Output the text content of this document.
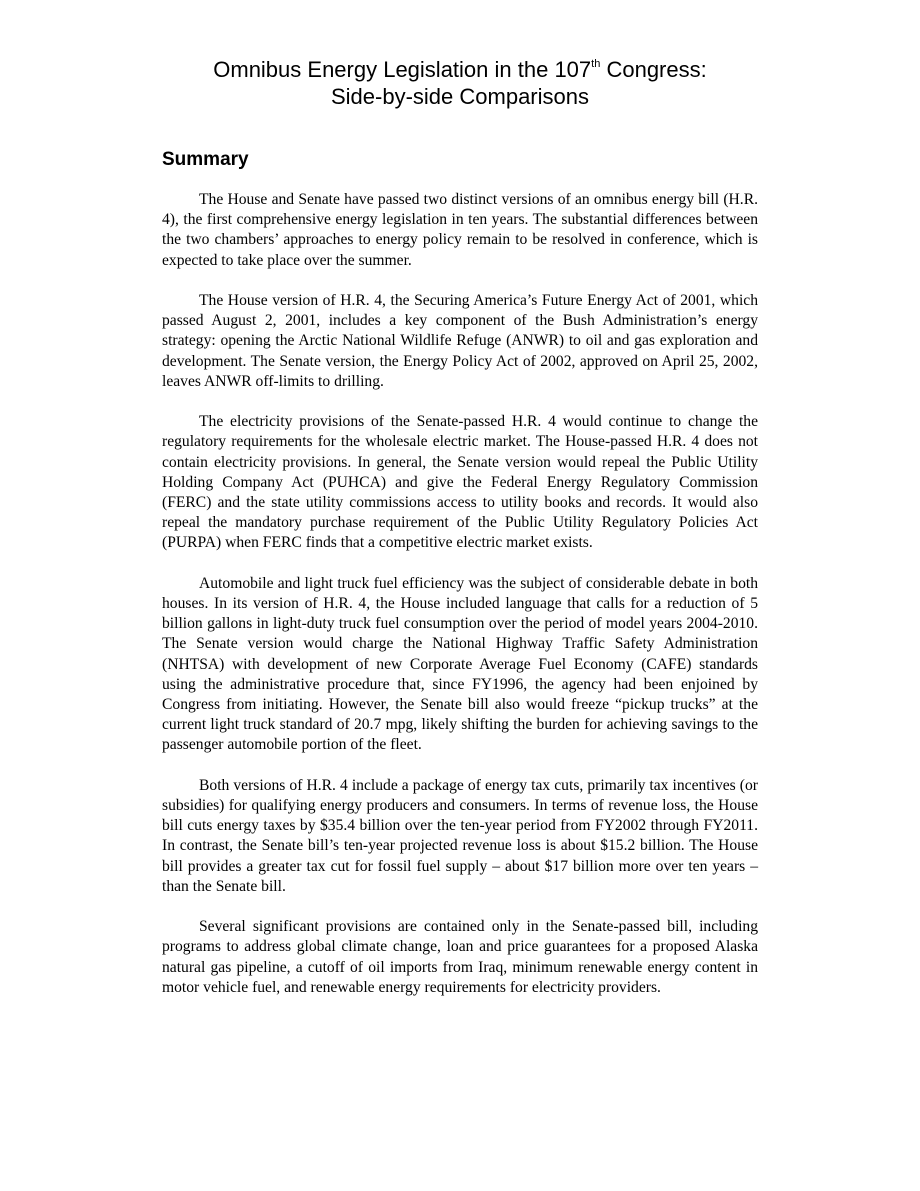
Omnibus Energy Legislation in the 107th Congress:
Side-by-side Comparisons
Summary

The House and Senate have passed two distinct versions of an omnibus energy bill (H.R. 4), the first comprehensive energy legislation in ten years. The substantial differences between the two chambers’ approaches to energy policy remain to be resolved in conference, which is expected to take place over the summer.

The House version of H.R. 4, the Securing America’s Future Energy Act of 2001, which passed August 2, 2001, includes a key component of the Bush Administration’s energy strategy: opening the Arctic National Wildlife Refuge (ANWR) to oil and gas exploration and development. The Senate version, the Energy Policy Act of 2002, approved on April 25, 2002, leaves ANWR off-limits to drilling.

The electricity provisions of the Senate-passed H.R. 4 would continue to change the regulatory requirements for the wholesale electric market. The House-passed H.R. 4 does not contain electricity provisions. In general, the Senate version would repeal the Public Utility Holding Company Act (PUHCA) and give the Federal Energy Regulatory Commission (FERC) and the state utility commissions access to utility books and records. It would also repeal the mandatory purchase requirement of the Public Utility Regulatory Policies Act (PURPA) when FERC finds that a competitive electric market exists.

Automobile and light truck fuel efficiency was the subject of considerable debate in both houses. In its version of H.R. 4, the House included language that calls for a reduction of 5 billion gallons in light-duty truck fuel consumption over the period of model years 2004-2010. The Senate version would charge the National Highway Traffic Safety Administration (NHTSA) with development of new Corporate Average Fuel Economy (CAFE) standards using the administrative procedure that, since FY1996, the agency had been enjoined by Congress from initiating. However, the Senate bill also would freeze “pickup trucks” at the current light truck standard of 20.7 mpg, likely shifting the burden for achieving savings to the passenger automobile portion of the fleet.

Both versions of H.R. 4 include a package of energy tax cuts, primarily tax incentives (or subsidies) for qualifying energy producers and consumers. In terms of revenue loss, the House bill cuts energy taxes by $35.4 billion over the ten-year period from FY2002 through FY2011. In contrast, the Senate bill’s ten-year projected revenue loss is about $15.2 billion. The House bill provides a greater tax cut for fossil fuel supply – about $17 billion more over ten years – than the Senate bill.

Several significant provisions are contained only in the Senate-passed bill, including programs to address global climate change, loan and price guarantees for a proposed Alaska natural gas pipeline, a cutoff of oil imports from Iraq, minimum renewable energy content in motor vehicle fuel, and renewable energy requirements for electricity providers.
